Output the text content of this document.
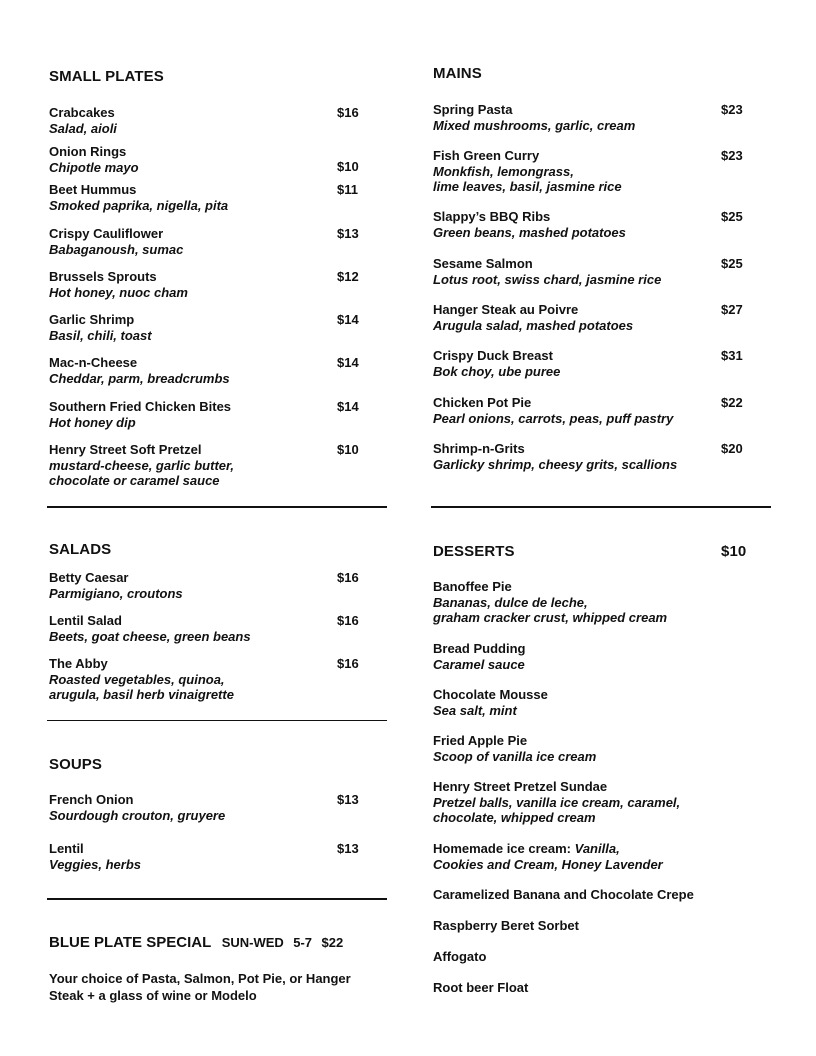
SMALL PLATES
Crabcakes
Salad, aioli
$16
Onion Rings
Chipotle mayo	$10
Beet Hummus
Smoked paprika, nigella, pita
$11
Crispy Cauliflower
Babaganoush, sumac
$13
Brussels Sprouts
Hot honey, nuoc cham
$12
Garlic Shrimp
Basil, chili, toast
$14
Mac-n-Cheese
Cheddar, parm, breadcrumbs
$14
Southern Fried Chicken Bites
Hot honey dip
$14
Henry Street Soft Pretzel
mustard-cheese, garlic butter,
chocolate or caramel sauce
$10
SALADS
Betty Caesar
Parmigiano, croutons
$16
Lentil Salad
Beets, goat cheese, green beans
$16
The Abby
Roasted vegetables, quinoa,
arugula, basil herb vinaigrette
$16
SOUPS
French Onion
Sourdough crouton, gruyere
$13
Lentil
Veggies, herbs
$13
BLUE PLATE SPECIAL SUN-WED 5-7 $22
Your choice of Pasta, Salmon, Pot Pie, or Hanger
Steak + a glass of wine or Modelo
MAINS
Spring Pasta
Mixed mushrooms, garlic, cream
$23
Fish Green Curry
Monkfish, lemongrass,
lime leaves, basil, jasmine rice
$23
Slappy’s BBQ Ribs
Green beans, mashed potatoes
$25
Sesame Salmon
Lotus root, swiss chard, jasmine rice
$25
Hanger Steak au Poivre
Arugula salad, mashed potatoes
$27
Crispy Duck Breast
Bok choy, ube puree
$31
Chicken Pot Pie
Pearl onions, carrots, peas, puff pastry
$22
Shrimp-n-Grits
Garlicky shrimp, cheesy grits, scallions
$20
DESSERTS	$10
Banoffee Pie
Bananas, dulce de leche,
graham cracker crust, whipped cream
Bread Pudding
Caramel sauce
Chocolate Mousse
Sea salt, mint
Fried Apple Pie
Scoop of vanilla ice cream
Henry Street Pretzel Sundae
Pretzel balls, vanilla ice cream, caramel,
chocolate, whipped cream
Homemade ice cream: Vanilla,
Cookies and Cream, Honey Lavender
Caramelized Banana and Chocolate Crepe
Raspberry Beret Sorbet
Affogato
Root beer Float
